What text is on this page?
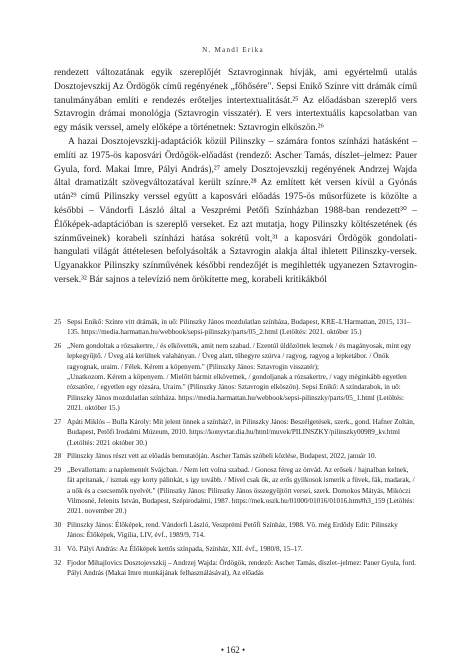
N. Mandl Erika

rendezett változatának egyik szereplőjét Sztavroginnak hívják, ami egyértelmű utalás Dosztojevszkij Az Ördögök című regényének „főhősére". Sepsi Enikő Színre vitt drámák című tanulmányában említi e rendezés erőteljes intertextualitását.²⁵ Az előadásban szereplő vers Sztavrogin drámai monológja (Sztavrogin visszatér). E vers intertextuális kapcsolatban van egy másik verssel, amely előképe a történetnek: Sztavrogin elköszön.²⁶

A hazai Dosztojevszkij-adaptációk közül Pilinszky – számára fontos színházi hatásként – említi az 1975-ös kaposvári Ördögök-előadást (rendező: Ascher Tamás, díszlet–jelmez: Pauer Gyula, ford. Makai Imre, Pályi András),²⁷ amely Dosztojevszkij regényének Andrzej Wajda által dramatizált szövegváltozatával került színre.²⁸ Az említett két versen kívül a Gyónás után²⁹ című Pilinszky verssel együtt a kaposvári előadás 1975-ös műsorfüzete is közölte a későbbi – Vándorfi László által a Veszprémi Petőfi Színházban 1988-ban rendezett³⁰ – Élőképek-adaptációban is szereplő verseket. Ez azt mutatja, hogy Pilinszky költészetének (és színműveinek) korabeli színházi hatása sokrétű volt,³¹ a kaposvári Ördögök gondolati-hangulati világát áttételesen befolyásolták a Sztavrogin alakja által ihletett Pilinszky-versek. Ugyanakkor Pilinszky színművének későbbi rendezőjét is megihlették ugyanezen Sztavrogin-versek.³² Bár sajnos a televízió nem örökítette meg, korabeli kritikákból

25 Sepsi Enikő: Színre vitt drámák, in uő: Pilinszky János mozdulatlan színháza, Budapest, KRE–L'Harmattan, 2015, 131–135. https://media.harmattan.hu/webbook/sepsi-pilinszky/parts/05_2.html (Letöltés: 2021. október 15.)
26 „Nem gondoltak a rózsakertre, / és elkövették, amit nem szabad. / Ezentúl üldözöttek lesznek / és magányosak, mint egy lepkegyűjtő. / Üveg alá kerülnek valahányan. / Üveg alatt, tűhegyre szúrva / ragyog, ragyog a lepketábor. / Önök ragyognak, uraim. / Félek. Kérem a köpenyem." (Pilinszky János: Sztavrogin visszatér);
„Unatkozom. Kérem a köpenyem. / Mielőtt bármit elkövetnek, / gondoljanak a rózsakertre, / vagy méginkább egyetlen rózsatőre, / egyetlen egy rózsára, Uraim." (Pilinszky János: Sztavrogin elköszön). Sepsi Enikő: A színdarabok, in uő: Pilinszky János mozdulatlan színháza. https://media.harmattan.hu/webbook/sepsi-pilinszky/parts/05_1.html (Letöltés: 2021. október 15.)
27 Apáti Miklós – Bulla Károly: Mit jelent önnek a színház?, in Pilinszky János: Beszélgetések, szerk., gond. Hafner Zoltán, Budapest, Petőfi Irodalmi Múzeum, 2010. https://konyvtar.dia.hu/html/muvek/PILINSZKY/pilinszky00989_kv.html (Letöltés: 2021 október 30.)
28 Pilinszky János részt vett az előadás bemutatóján. Ascher Tamás szóbeli közlése, Budapest, 2022, január 10.
29 „Bevallottam: a naplementét Svájcban. / Nem lett volna szabad. / Gonosz féreg az önvád. Az erősek / hajnalban kelnek, fát aprítanak, / isznak egy korty pálinkát, s így tovább. / Mivel csak ők, az erős gyilkosok ismerik a füvek, fák, madarak, / a nők és a csecsemők nyelvét." (Pilinszky János: Pilinszky János összegyűjtött versei, szerk. Domokos Mátyás, Mikóczi Vilmosné, Jelenits István, Budapest, Szépirodalmi, 1987. https://mek.oszk.hu/01000/01016/01016.htm#h3_159 (Letöltés: 2021. november 20.)
30 Pilinszky János: Élőképek, rend. Vándorfi László, Veszprémi Petőfi Színház, 1988. Vö. még Erdődy Edit: Pilinszky János: Élőképek, Vigilia, LIV, évf., 1989/9, 714.
31 Vö. Pályi András: Az Élőképek kettős színpada, Színház, XII. évf., 1980/8, 15–17.
32 Fjodor Mihajlovics Dosztojevszkij – Andrzej Wajda: Ördögök, rendező: Ascher Tamás, díszlet–jelmez: Pauer Gyula, ford. Pályi András (Makai Imre munkájának felhasználásával), Az előadás
• 162 •
